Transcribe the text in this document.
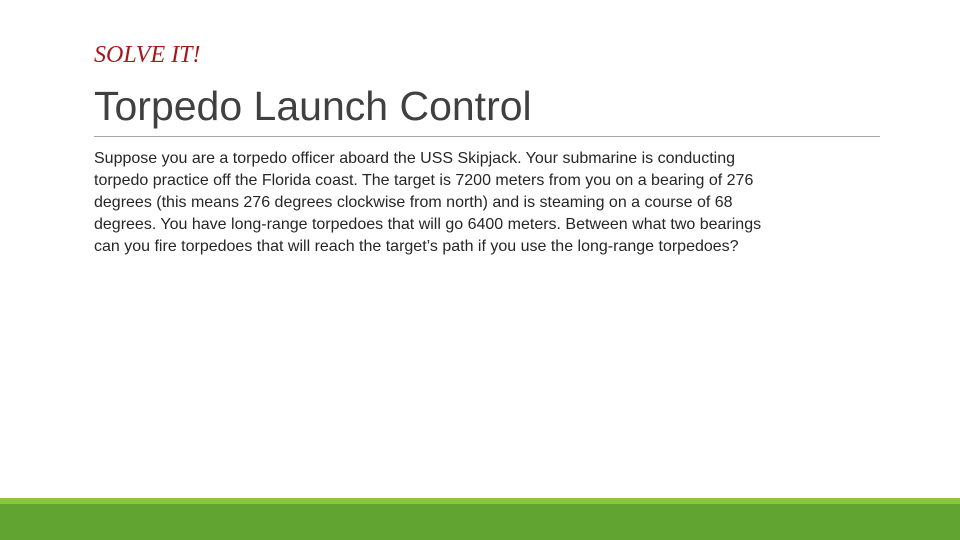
SOLVE IT!
Torpedo Launch Control

Suppose you are a torpedo officer aboard the USS Skipjack. Your submarine is conducting
torpedo practice off the Florida coast. The target is 7200 meters from you on a bearing of 276
degrees (this means 276 degrees clockwise from north) and is steaming on a course of 68
degrees. You have long-range torpedoes that will go 6400 meters. Between what two bearings
can you fire torpedoes that will reach the target’s path if you use the long-range torpedoes?
